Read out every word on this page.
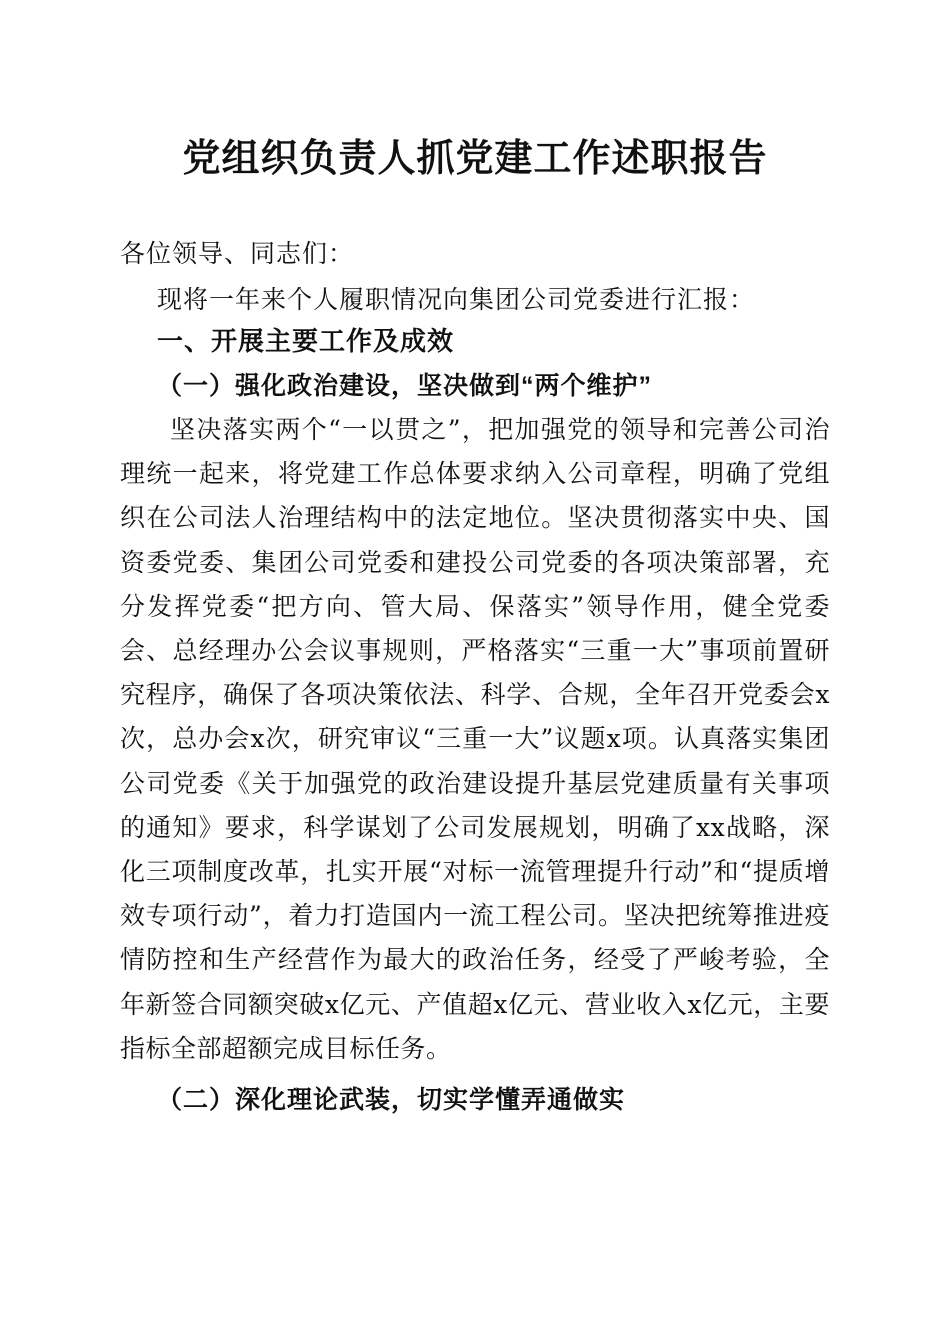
党组织负责人抓党建工作述职报告

各位领导、同志们：

现将一年来个人履职情况向集团公司党委进行汇报：

一、开展主要工作及成效
（一）强化政治建设，坚决做到“两个维护”

坚决落实两个“一以贯之”，把加强党的领导和完善公司治理统一起来，将党建工作总体要求纳入公司章程，明确了党组织在公司法人治理结构中的法定地位。坚决贯彻落实中央、国资委党委、集团公司党委和建投公司党委的各项决策部署，充分发挥党委“把方向、管大局、保落实”领导作用，健全党委会、总经理办公会议事规则，严格落实“三重一大”事项前置研究程序，确保了各项决策依法、科学、合规，全年召开党委会x次，总办会x次，研究审议“三重一大”议题x项。认真落实集团公司党委《关于加强党的政治建设提升基层党建质量有关事项的通知》要求，科学谋划了公司发展规划，明确了xx战略，深化三项制度改革，扎实开展“对标一流管理提升行动”和“提质增效专项行动”，着力打造国内一流工程公司。坚决把统筹推进疫情防控和生产经营作为最大的政治任务，经受了严峻考验，全年新签合同额突破x亿元、产值超x亿元、营业收入x亿元，主要指标全部超额完成目标任务。

（二）深化理论武装，切实学懂弄通做实
